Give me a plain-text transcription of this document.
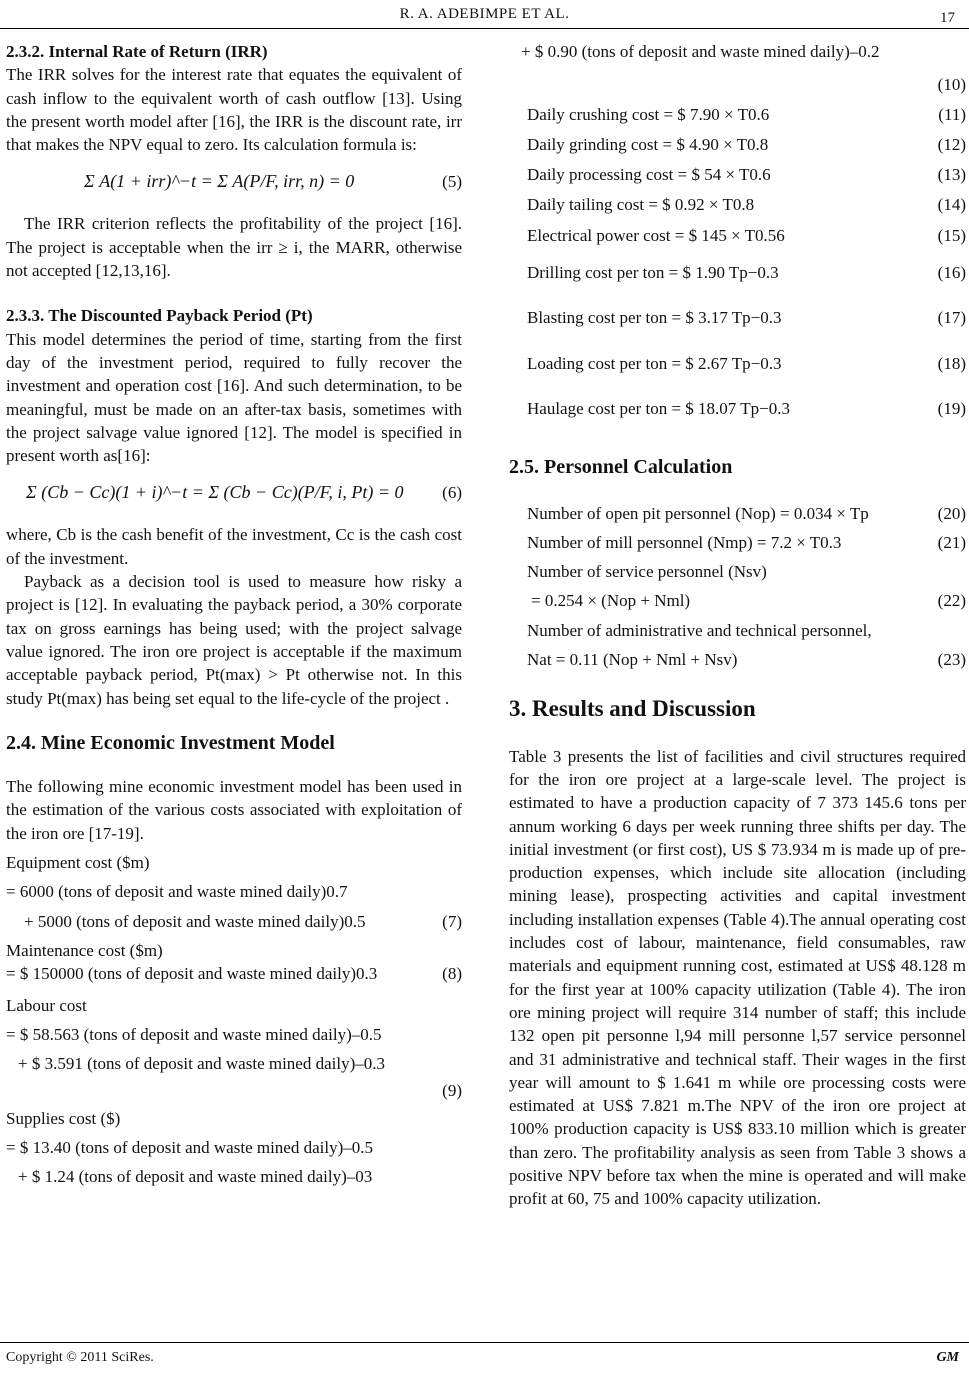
R. A. ADEBIMPE ET AL.	17
2.3.2. Internal Rate of Return (IRR)

The IRR solves for the interest rate that equates the equivalent of cash inflow to the equivalent worth of cash outflow [13]. Using the present worth model after [16], the IRR is the discount rate, irr that makes the NPV equal to zero. Its calculation formula is:

Σ A(1 + irr)^−t = Σ A(P/F, irr, n) = 0	(5)

The IRR criterion reflects the profitability of the project [16]. The project is acceptable when the irr ≥ i, the MARR, otherwise not accepted [12,13,16].

2.3.3. The Discounted Payback Period (Pt)

This model determines the period of time, starting from the first day of the investment period, required to fully recover the investment and operation cost [16]. And such determination, to be meaningful, must be made on an after-tax basis, sometimes with the project salvage value ignored [12]. The model is specified in present worth as[16]:

Σ (Cb − Cc)(1 + i)^−t = Σ (Cb − Cc)(P/F, i, Pt) = 0 (6)

where, Cb is the cash benefit of the investment, Cc is the cash cost of the investment.

Payback as a decision tool is used to measure how risky a project is [12]. In evaluating the payback period, a 30% corporate tax on gross earnings has being used; with the project salvage value ignored. The iron ore project is acceptable if the maximum acceptable payback period, Pt(max) > Pt otherwise not. In this study Pt(max) has being set equal to the life-cycle of the project .

2.4. Mine Economic Investment Model

The following mine economic investment model has been used in the estimation of the various costs associated with exploitation of the iron ore [17-19].

Equipment cost ($m)
= 6000 (tons of deposit and waste mined daily)0.7
+ 5000 (tons of deposit and waste mined daily)0.5	(7)
Maintenance cost ($m)
= $ 150000 (tons of deposit and waste mined daily)0.3	(8)
Labour cost
= $ 58.563 (tons of deposit and waste mined daily)–0.5
+ $ 3.591 (tons of deposit and waste mined daily)–0.3
(9)
Supplies cost ($)
= $ 13.40 (tons of deposit and waste mined daily)–0.5
+ $ 1.24 (tons of deposit and waste mined daily)–03
+ $ 0.90 (tons of deposit and waste mined daily)–0.2
(10)
Daily crushing cost = $ 7.90 × T0.6	(11)
Daily grinding cost = $ 4.90 × T0.8	(12)
Daily processing cost = $ 54 × T0.6	(13)
Daily tailing cost = $ 0.92 × T0.8	(14)
Electrical power cost = $ 145 × T0.56	(15)
Drilling cost per ton = $ 1.90 Tp−0.3	(16)
Blasting cost per ton = $ 3.17 Tp−0.3	(17)
Loading cost per ton = $ 2.67 Tp−0.3	(18)
Haulage cost per ton = $ 18.07 Tp−0.3	(19)
2.5. Personnel Calculation
Number of open pit personnel (Nop) = 0.034 × Tp	(20)
Number of mill personnel (Nmp) = 7.2 × T0.3	(21)
Number of service personnel (Nsv)
= 0.254 × (Nop + Nml)	(22)
Number of administrative and technical personnel,
Nat = 0.11 (Nop + Nml + Nsv)	(23)
3. Results and Discussion

Table 3 presents the list of facilities and civil structures required for the iron ore project at a large-scale level. The project is estimated to have a production capacity of 7 373 145.6 tons per annum working 6 days per week running three shifts per day. The initial investment (or first cost), US $ 73.934 m is made up of pre-production expenses, which include site allocation (including mining lease), prospecting activities and capital investment including installation expenses (Table 4).The annual operating cost includes cost of labour, maintenance, field consumables, raw materials and equipment running cost, estimated at US$ 48.128 m for the first year at 100% capacity utilization (Table 4). The iron ore mining project will require 314 number of staff; this include 132 open pit personne l,94 mill personne l,57 service personnel and 31 administrative and technical staff. Their wages in the first year will amount to $ 1.641 m while ore processing costs were estimated at US$ 7.821 m.The NPV of the iron ore project at 100% production capacity is US$ 833.10 million which is greater than zero. The profitability analysis as seen from Table 3 shows a positive NPV before tax when the mine is operated and will make profit at 60, 75 and 100% capacity utilization.

Copyright © 2011 SciRes.	GM
